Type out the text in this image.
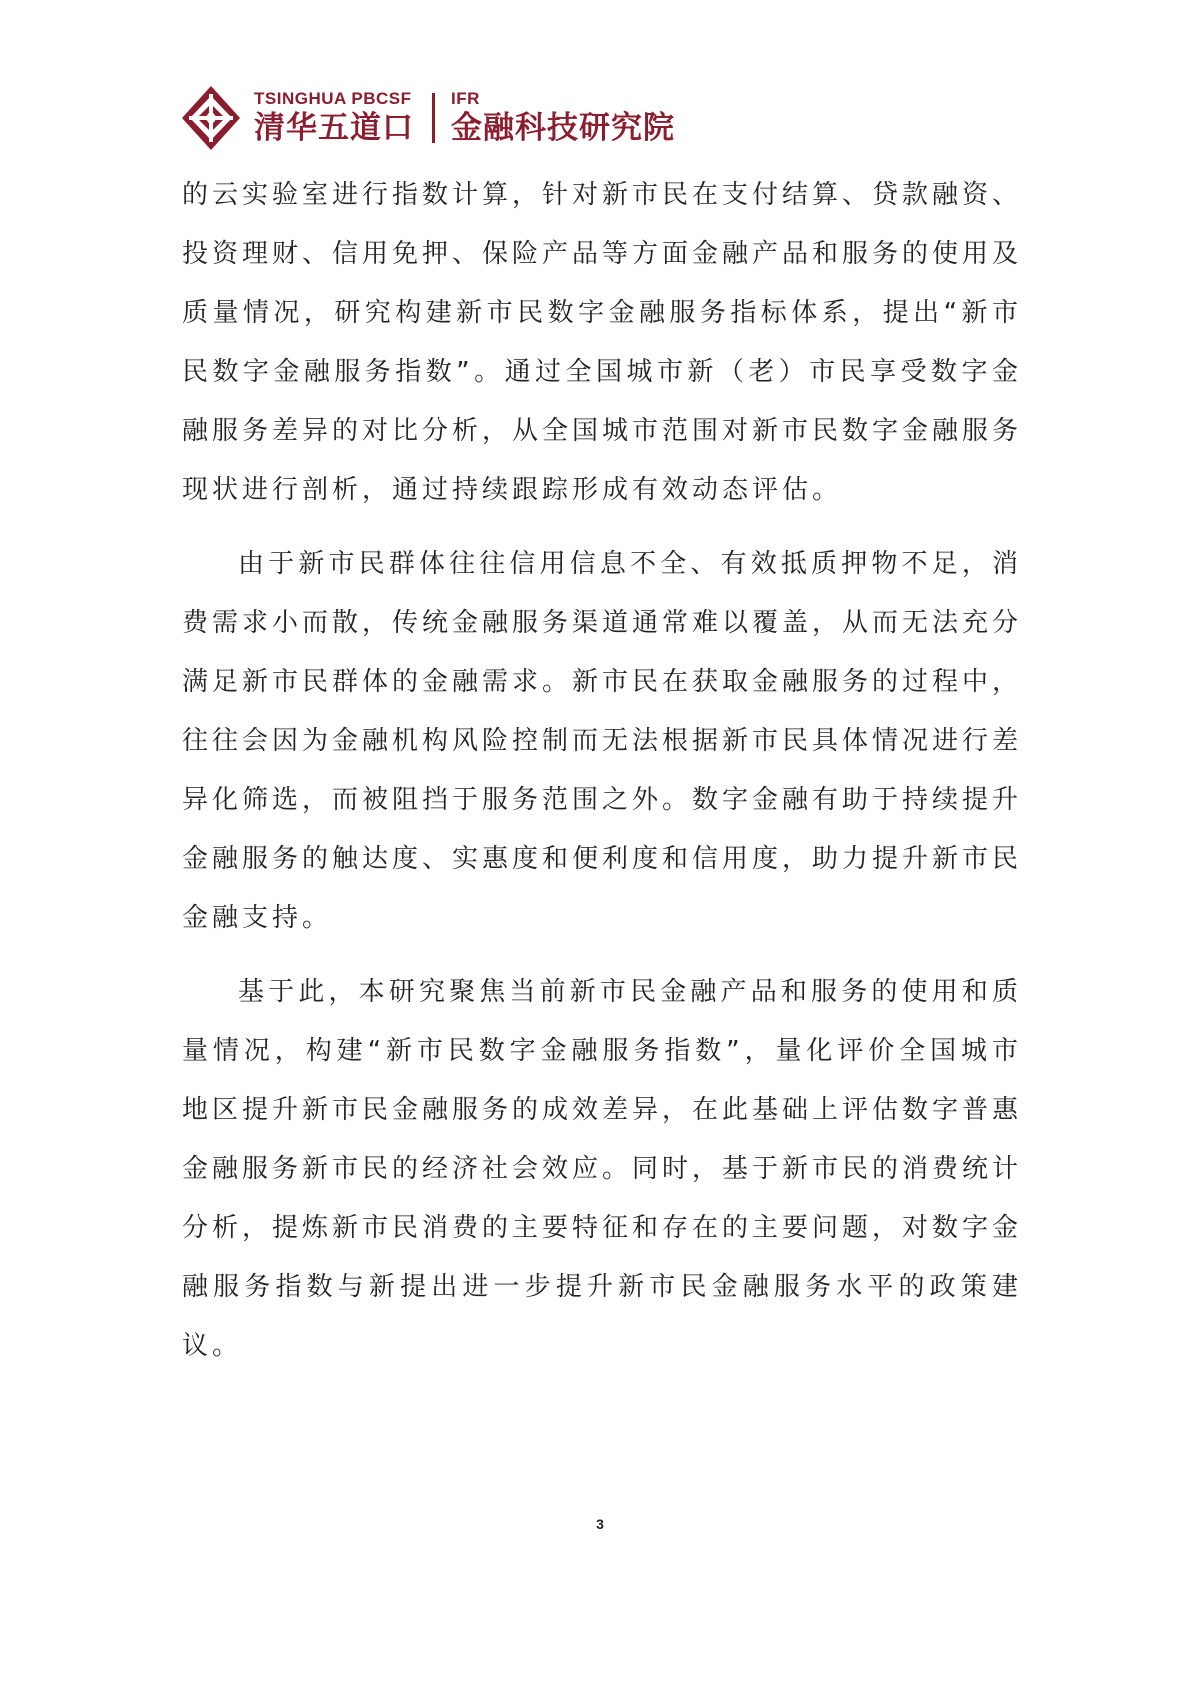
TSINGHUA PBCSF
清华五道口
IFR
金融科技研究院

的云实验室进行指数计算，针对新市民在支付结算、贷款融资、投资理财、信用免押、保险产品等方面金融产品和服务的使用及质量情况，研究构建新市民数字金融服务指标体系，提出“新市民数字金融服务指数”。通过全国城市新（老）市民享受数字金融服务差异的对比分析，从全国城市范围对新市民数字金融服务现状进行剖析，通过持续跟踪形成有效动态评估。

由于新市民群体往往信用信息不全、有效抵质押物不足，消费需求小而散，传统金融服务渠道通常难以覆盖，从而无法充分满足新市民群体的金融需求。新市民在获取金融服务的过程中，往往会因为金融机构风险控制而无法根据新市民具体情况进行差异化筛选，而被阻挡于服务范围之外。数字金融有助于持续提升金融服务的触达度、实惠度和便利度和信用度，助力提升新市民金融支持。

基于此，本研究聚焦当前新市民金融产品和服务的使用和质量情况，构建“新市民数字金融服务指数”，量化评价全国城市地区提升新市民金融服务的成效差异，在此基础上评估数字普惠金融服务新市民的经济社会效应。同时，基于新市民的消费统计分析，提炼新市民消费的主要特征和存在的主要问题，对数字金融服务指数与新提出进一步提升新市民金融服务水平的政策建议。

3
